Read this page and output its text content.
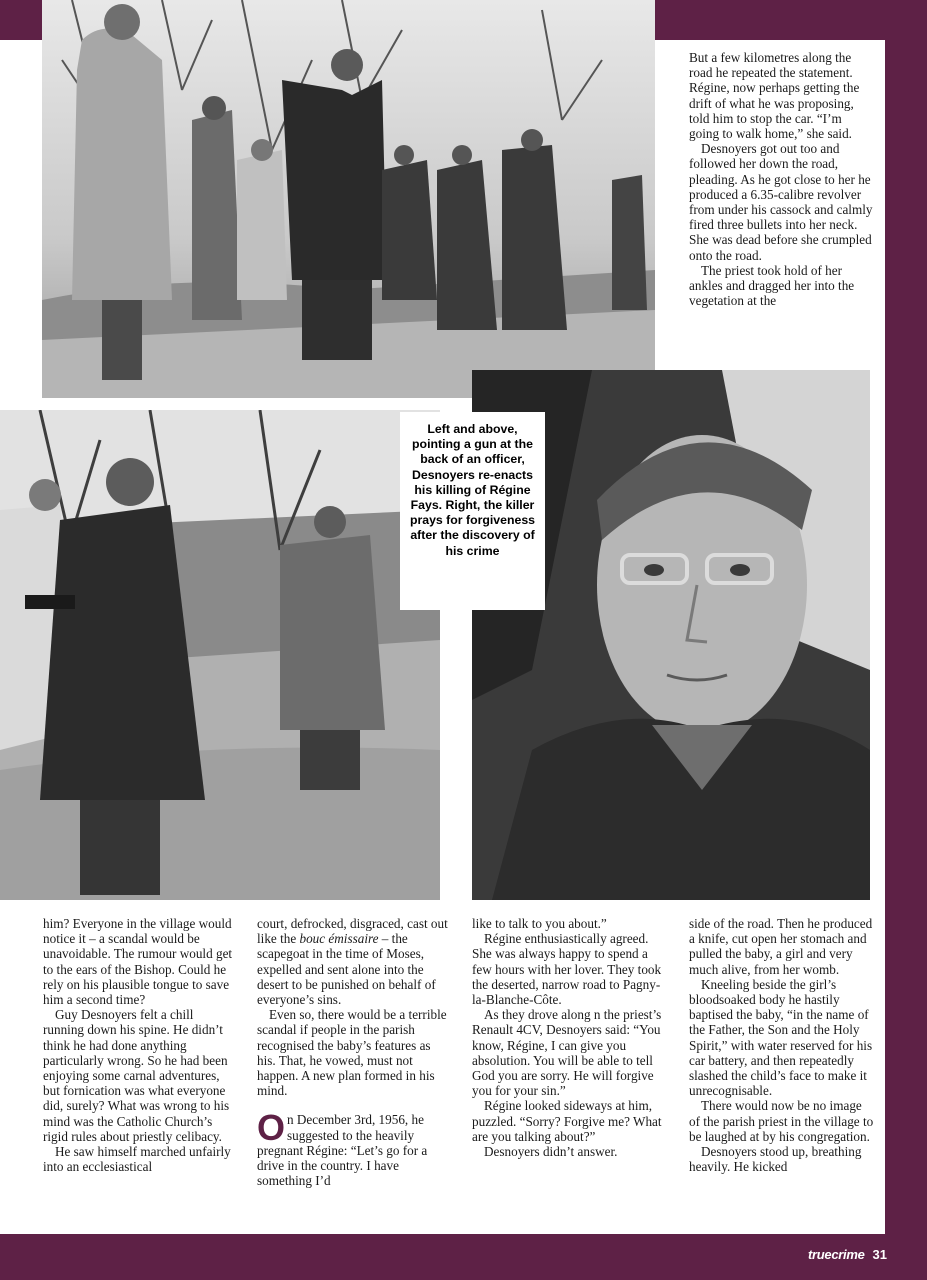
Left and above, pointing a gun at the back of an officer, Desnoyers re-enacts his killing of Régine Fays. Right, the killer prays for forgiveness after the discovery of his crime

But a few kilometres along the road he repeated the statement. Régine, now perhaps getting the drift of what he was proposing, told him to stop the car. “I’m going to walk home,” she said.

Desnoyers got out too and followed her down the road, pleading. As he got close to her he produced a 6.35-calibre revolver from under his cassock and calmly fired three bullets into her neck. She was dead before she crumpled onto the road.

The priest took hold of her ankles and dragged her into the vegetation at the

him? Everyone in the village would notice it – a scandal would be unavoidable. The rumour would get to the ears of the Bishop. Could he rely on his plausible tongue to save him a second time?

Guy Desnoyers felt a chill running down his spine. He didn’t think he had done anything particularly wrong. So he had been enjoying some carnal adventures, but fornication was what everyone did, surely? What was wrong to his mind was the Catholic Church’s rigid rules about priestly celibacy.

He saw himself marched unfairly into an ecclesiastical

court, defrocked, disgraced, cast out like the bouc émissaire – the scapegoat in the time of Moses, expelled and sent alone into the desert to be punished on behalf of everyone’s sins.

Even so, there would be a terrible scandal if people in the parish recognised the baby’s features as his. That, he vowed, must not happen. A new plan formed in his mind.

On December 3rd, 1956, he suggested to the heavily pregnant Régine: “Let’s go for a drive in the country. I have something I’d

like to talk to you about.”

Régine enthusiastically agreed. She was always happy to spend a few hours with her lover. They took the deserted, narrow road to Pagny-la-Blanche-Côte.

As they drove along n the priest’s Renault 4CV, Desnoyers said: “You know, Régine, I can give you absolution. You will be able to tell God you are sorry. He will forgive you for your sin.”

Régine looked sideways at him, puzzled. “Sorry? Forgive me? What are you talking about?”

Desnoyers didn’t answer.

side of the road. Then he produced a knife, cut open her stomach and pulled the baby, a girl and very much alive, from her womb.

Kneeling beside the girl’s bloodsoaked body he hastily baptised the baby, “in the name of the Father, the Son and the Holy Spirit,” with water reserved for his car battery, and then repeatedly slashed the child’s face to make it unrecognisable.

There would now be no image of the parish priest in the village to be laughed at by his congregation.

Desnoyers stood up, breathing heavily. He kicked

truecrime 31
